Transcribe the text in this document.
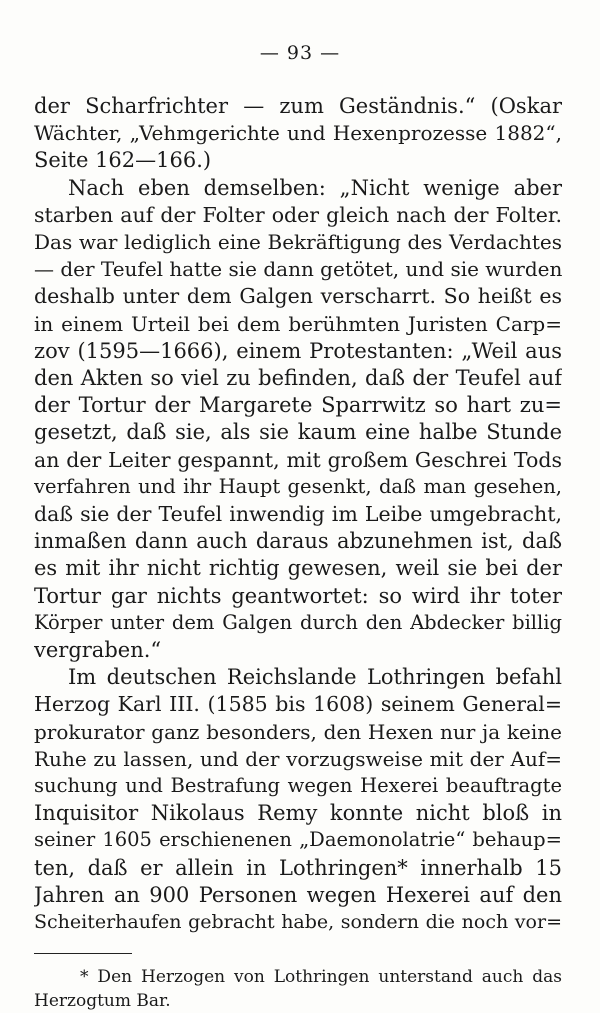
— 93 —
der Scharfrichter — zum Geständnis.“ (Oskar
Wächter, „Vehmgerichte und Hexenprozesse 1882“,
Seite 162—166.)
Nach eben demselben: „Nicht wenige aber
starben auf der Folter oder gleich nach der Folter.
Das war lediglich eine Bekräftigung des Verdachtes
— der Teufel hatte sie dann getötet, und sie wurden
deshalb unter dem Galgen verscharrt. So heißt es
in einem Urteil bei dem berühmten Juristen Carp=
zov (1595—1666), einem Protestanten: „Weil aus
den Akten so viel zu befinden, daß der Teufel auf
der Tortur der Margarete Sparrwitz so hart zu=
gesetzt, daß sie, als sie kaum eine halbe Stunde
an der Leiter gespannt, mit großem Geschrei Tods
verfahren und ihr Haupt gesenkt, daß man gesehen,
daß sie der Teufel inwendig im Leibe umgebracht,
inmaßen dann auch daraus abzunehmen ist, daß
es mit ihr nicht richtig gewesen, weil sie bei der
Tortur gar nichts geantwortet: so wird ihr toter
Körper unter dem Galgen durch den Abdecker billig
vergraben.“
Im deutschen Reichslande Lothringen befahl
Herzog Karl III. (1585 bis 1608) seinem General=
prokurator ganz besonders, den Hexen nur ja keine
Ruhe zu lassen, und der vorzugsweise mit der Auf=
suchung und Bestrafung wegen Hexerei beauftragte
Inquisitor Nikolaus Remy konnte nicht bloß in
seiner 1605 erschienenen „Daemonolatrie“ behaup=
ten, daß er allein in Lothringen* innerhalb 15
Jahren an 900 Personen wegen Hexerei auf den
Scheiterhaufen gebracht habe, sondern die noch vor=
* Den Herzogen von Lothringen unterstand auch das
Herzogtum Bar.
